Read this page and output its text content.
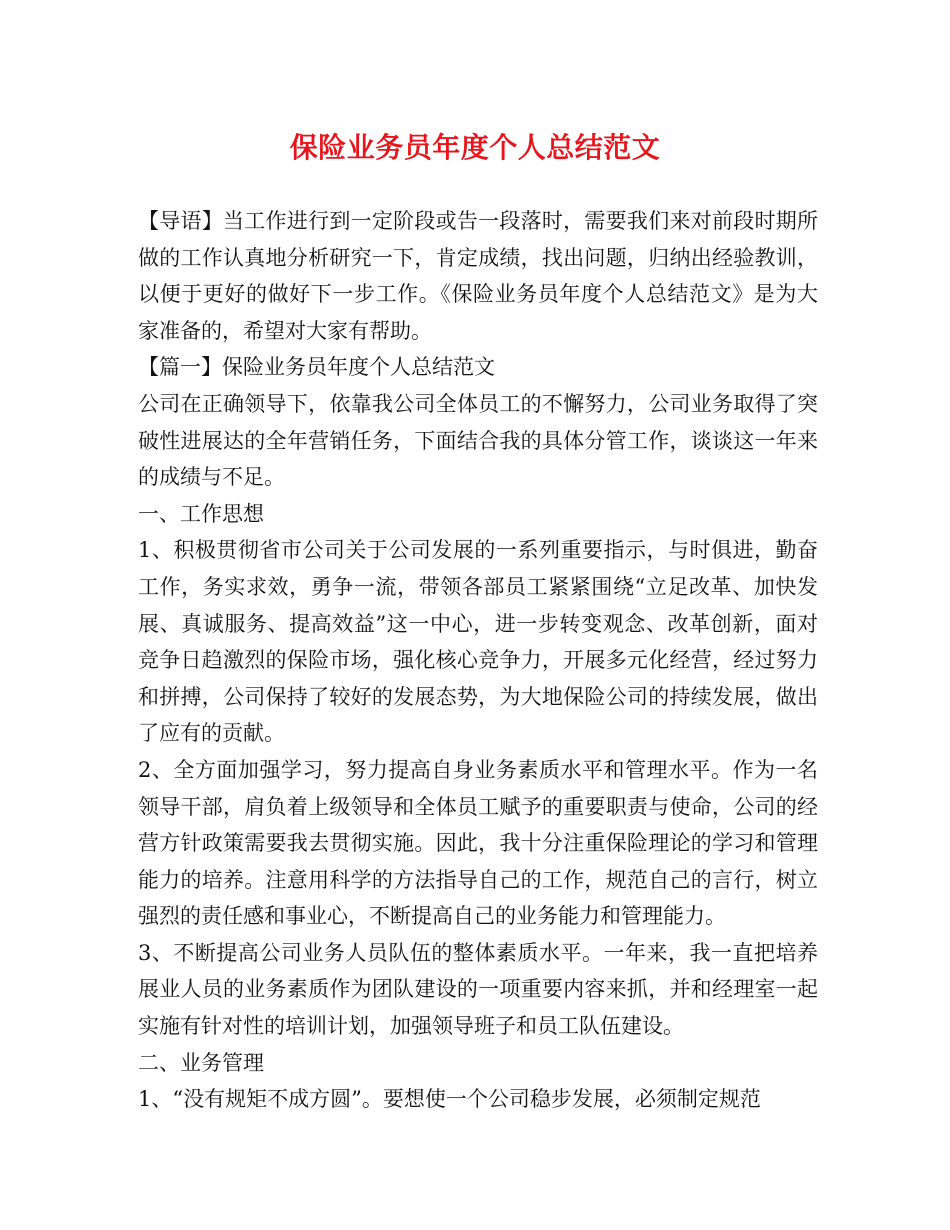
保险业务员年度个人总结范文

【导语】当工作进行到一定阶段或告一段落时，需要我们来对前段时期所做的工作认真地分析研究一下，肯定成绩，找出问题，归纳出经验教训，以便于更好的做好下一步工作。《保险业务员年度个人总结范文》是为大家准备的，希望对大家有帮助。

【篇一】保险业务员年度个人总结范文

公司在正确领导下，依靠我公司全体员工的不懈努力，公司业务取得了突破性进展达的全年营销任务，下面结合我的具体分管工作，谈谈这一年来的成绩与不足。

一、工作思想

1、积极贯彻省市公司关于公司发展的一系列重要指示，与时俱进，勤奋工作，务实求效，勇争一流，带领各部员工紧紧围绕“立足改革、加快发展、真诚服务、提高效益”这一中心，进一步转变观念、改革创新，面对竞争日趋激烈的保险市场，强化核心竞争力，开展多元化经营，经过努力和拼搏，公司保持了较好的发展态势，为大地保险公司的持续发展，做出了应有的贡献。

2、全方面加强学习，努力提高自身业务素质水平和管理水平。作为一名领导干部，肩负着上级领导和全体员工赋予的重要职责与使命，公司的经营方针政策需要我去贯彻实施。因此，我十分注重保险理论的学习和管理能力的培养。注意用科学的方法指导自己的工作，规范自己的言行，树立强烈的责任感和事业心，不断提高自己的业务能力和管理能力。

3、不断提高公司业务人员队伍的整体素质水平。一年来，我一直把培养展业人员的业务素质作为团队建设的一项重要内容来抓，并和经理室一起实施有针对性的培训计划，加强领导班子和员工队伍建设。

二、业务管理

1、“没有规矩不成方圆”。要想使一个公司稳步发展，必须制定规范
